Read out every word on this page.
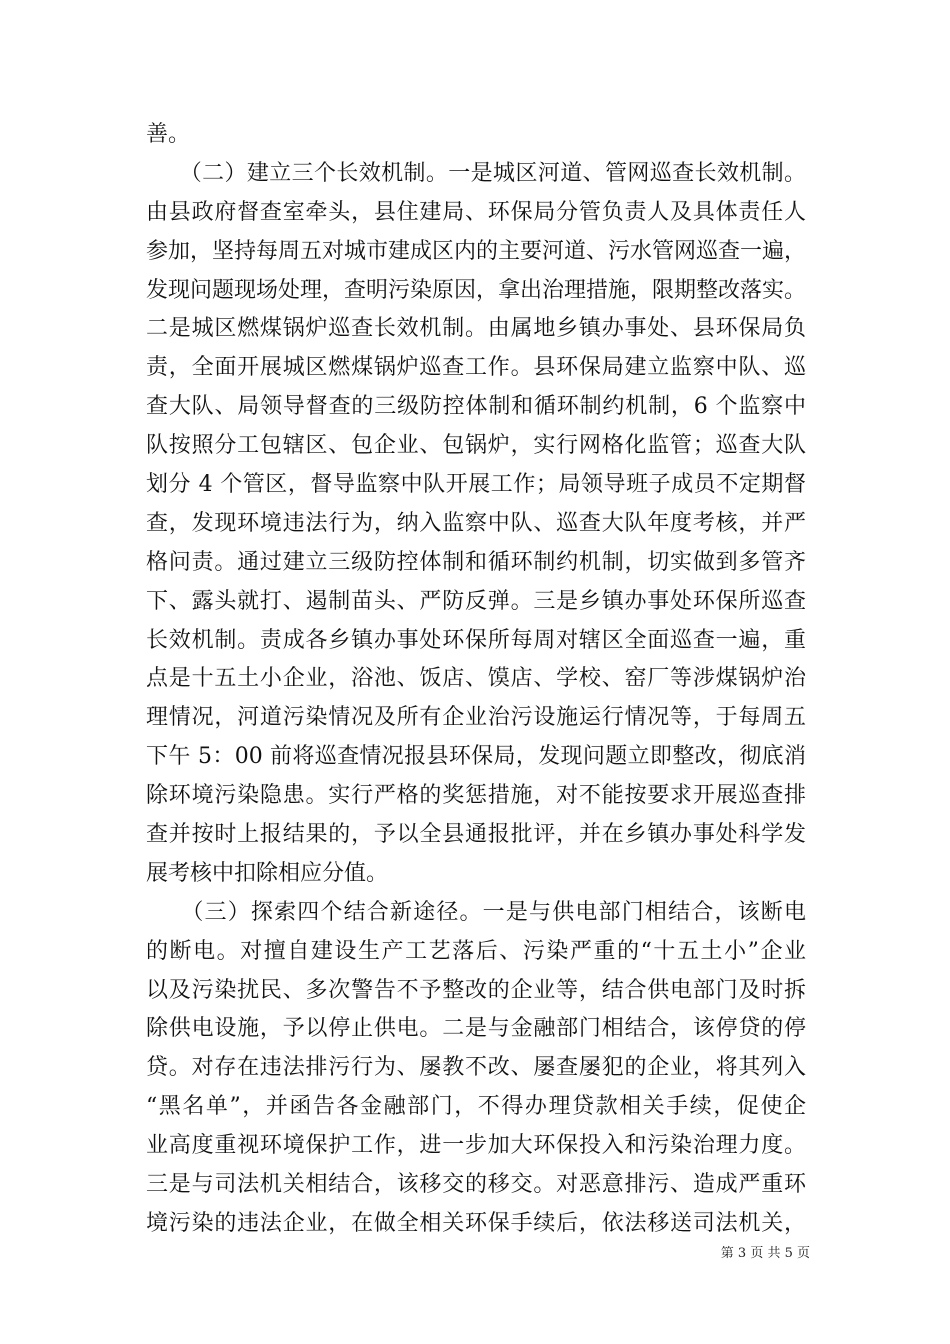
善。
　　（二）建立三个长效机制。一是城区河道、管网巡查长效机制。
由县政府督查室牵头，县住建局、环保局分管负责人及具体责任人
参加，坚持每周五对城市建成区内的主要河道、污水管网巡查一遍，
发现问题现场处理，查明污染原因，拿出治理措施，限期整改落实。
二是城区燃煤锅炉巡查长效机制。由属地乡镇办事处、县环保局负
责，全面开展城区燃煤锅炉巡查工作。县环保局建立监察中队、巡
查大队、局领导督查的三级防控体制和循环制约机制，6 个监察中
队按照分工包辖区、包企业、包锅炉，实行网格化监管；巡查大队
划分 4 个管区，督导监察中队开展工作；局领导班子成员不定期督
查，发现环境违法行为，纳入监察中队、巡查大队年度考核，并严
格问责。通过建立三级防控体制和循环制约机制，切实做到多管齐
下、露头就打、遏制苗头、严防反弹。三是乡镇办事处环保所巡查
长效机制。责成各乡镇办事处环保所每周对辖区全面巡查一遍，重
点是十五土小企业，浴池、饭店、馍店、学校、窑厂等涉煤锅炉治
理情况，河道污染情况及所有企业治污设施运行情况等，于每周五
下午 5：00 前将巡查情况报县环保局，发现问题立即整改，彻底消
除环境污染隐患。实行严格的奖惩措施，对不能按要求开展巡查排
查并按时上报结果的，予以全县通报批评，并在乡镇办事处科学发
展考核中扣除相应分值。
　　（三）探索四个结合新途径。一是与供电部门相结合，该断电
的断电。对擅自建设生产工艺落后、污染严重的“十五土小”企业
以及污染扰民、多次警告不予整改的企业等，结合供电部门及时拆
除供电设施，予以停止供电。二是与金融部门相结合，该停贷的停
贷。对存在违法排污行为、屡教不改、屡查屡犯的企业，将其列入
“黑名单”，并函告各金融部门，不得办理贷款相关手续，促使企
业高度重视环境保护工作，进一步加大环保投入和污染治理力度。
三是与司法机关相结合，该移交的移交。对恶意排污、造成严重环
境污染的违法企业，在做全相关环保手续后，依法移送司法机关，
第 3 页 共 5 页
